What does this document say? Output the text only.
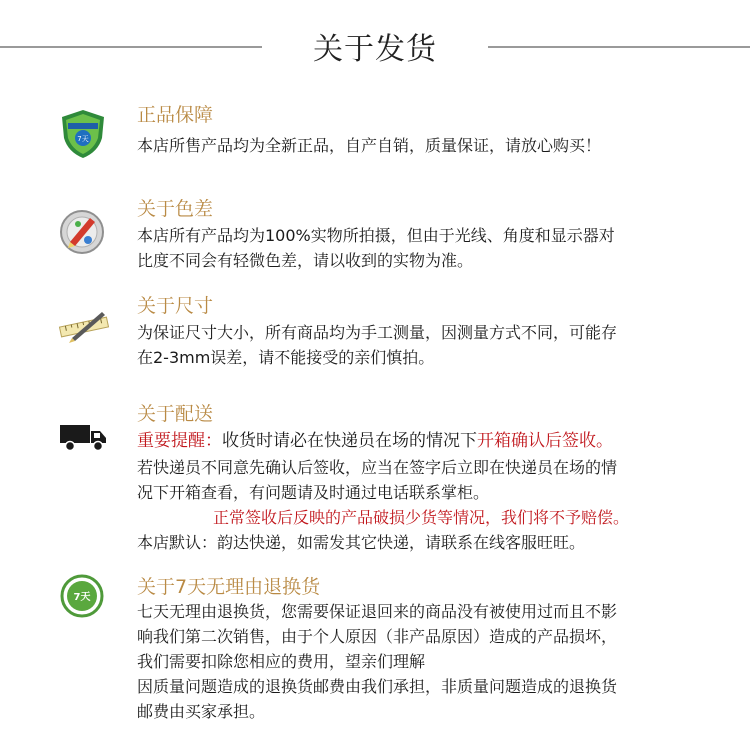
关于发货
7天
正品保障

本店所售产品均为全新正品，自产自销，质量保证，请放心购买！

关于色差

本店所有产品均为100%实物所拍摄，但由于光线、角度和显示器对

比度不同会有轻微色差，请以收到的实物为准。

关于尺寸

为保证尺寸大小，所有商品均为手工测量，因测量方式不同，可能存

在2-3mm误差，请不能接受的亲们慎拍。

关于配送

重要提醒：收货时请必在快递员在场的情况下开箱确认后签收。

若快递员不同意先确认后签收，应当在签字后立即在快递员在场的情

况下开箱查看，有问题请及时通过电话联系掌柜。

正常签收后反映的产品破损少货等情况，我们将不予赔偿。

本店默认：韵达快递，如需发其它快递，请联系在线客服旺旺。

7天 关于7天无理由退换货

七天无理由退换货，您需要保证退回来的商品没有被使用过而且不影

响我们第二次销售，由于个人原因（非产品原因）造成的产品损坏，

我们需要扣除您相应的费用，望亲们理解

因质量问题造成的退换货邮费由我们承担，非质量问题造成的退换货

邮费由买家承担。
